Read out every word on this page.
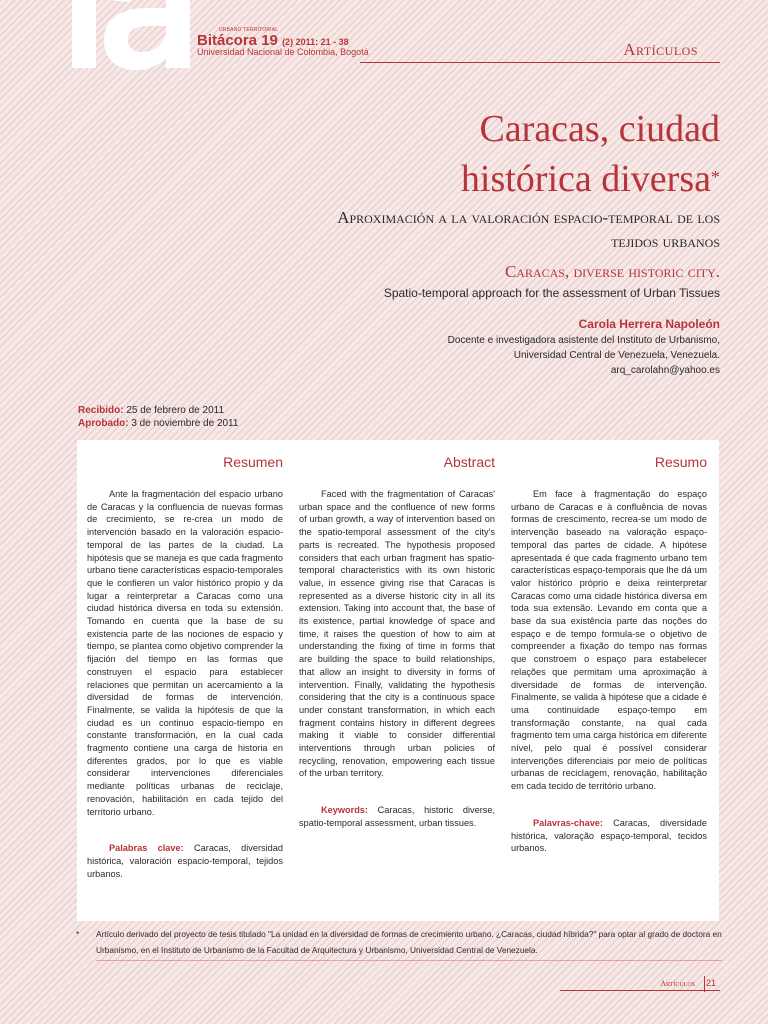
URBANO TERRITORIAL
Bitácora 19 (2) 2011: 21 - 38
Universidad Nacional de Colombia, Bogotá	Artículos
Caracas, ciudad
histórica diversa*
Aproximación a la valoración espacio-temporal de los tejidos urbanos
Caracas, diverse historic city.
Spatio-temporal approach for the assessment of Urban Tissues
Carola Herrera Napoleón
Docente e investigadora asistente del Instituto de Urbanismo,
Universidad Central de Venezuela, Venezuela.
arq_carolahn@yahoo.es
Recibido: 25 de febrero de 2011
Aprobado: 3 de noviembre de 2011
Resumen

Ante la fragmentación del espacio urbano de Caracas y la confluencia de nuevas formas de crecimiento, se re-crea un modo de intervención basado en la valoración espacio-temporal de las partes de la ciudad. La hipótesis que se maneja es que cada fragmento urbano tiene características espacio-temporales que le confieren un valor histórico propio y da lugar a reinterpretar a Caracas como una ciudad histórica diversa en toda su extensión. Tomando en cuenta que la base de su existencia parte de las nociones de espacio y tiempo, se plantea como objetivo comprender la fijación del tiempo en las formas que construyen el espacio para establecer relaciones que permitan un acercamiento a la diversidad de formas de intervención. Finalmente, se valida la hipótesis de que la ciudad es un continuo espacio-tiempo en constante transformación, en la cual cada fragmento contiene una carga de historia en diferentes grados, por lo que es viable considerar intervenciones diferenciales mediante políticas urbanas de reciclaje, renovación, habilitación en cada tejido del territorio urbano.

Palabras clave: Caracas, diversidad histórica, valoración espacio-temporal, tejidos urbanos.

Abstract

Faced with the fragmentation of Caracas' urban space and the confluence of new forms of urban growth, a way of intervention based on the spatio-temporal assessment of the city's parts is recreated. The hypothesis proposed considers that each urban fragment has spatio-temporal characteristics with its own historic value, in essence giving rise that Caracas is represented as a diverse historic city in all its extension. Taking into account that, the base of its existence, partial knowledge of space and time, it raises the question of how to aim at understanding the fixing of time in forms that are building the space to build relationships, that allow an insight to diversity in forms of intervention. Finally, validating the hypothesis considering that the city is a continuous space under constant transformation, in which each fragment contains history in different degrees making it viable to consider differential interventions through urban policies of recycling, renovation, empowering each tissue of the urban territory.

Keywords: Caracas, historic diverse, spatio-temporal assessment, urban tissues.

Resumo

Em face à fragmentação do espaço urbano de Caracas e à confluência de novas formas de crescimento, recrea-se um modo de intervenção baseado na valoração espaço-temporal das partes de cidade. A hipótese apresentada é que cada fragmento urbano tem características espaço-temporais que lhe dá um valor histórico próprio e deixa reinterpretar Caracas como uma cidade histórica diversa em toda sua extensão. Levando em conta que a base da sua existência parte das noções do espaço e de tempo formula-se o objetivo de compreender a fixação do tempo nas formas que constroem o espaço para estabelecer relações que permitam uma aproximação à diversidade de formas de intervenção. Finalmente, se valida à hipótese que a cidade é uma continuidade espaço-tempo em transformação constante, na qual cada fragmento tem uma carga histórica em diferente nível, pelo qual é possível considerar intervenções diferenciais por meio de políticas urbanas de reciclagem, renovação, habilitação em cada tecido de território urbano.

Palavras-chave: Caracas, diversidade histórica, valoração espaço-temporal, tecidos urbanos.

* Artículo derivado del proyecto de tesis titulado "La unidad en la diversidad de formas de crecimiento urbano. ¿Caracas, ciudad híbrida?" para optar al grado de doctora en Urbanismo, en el Instituto de Urbanismo de la Facultad de Arquitectura y Urbanismo, Universidad Central de Venezuela.
Artículos 21
